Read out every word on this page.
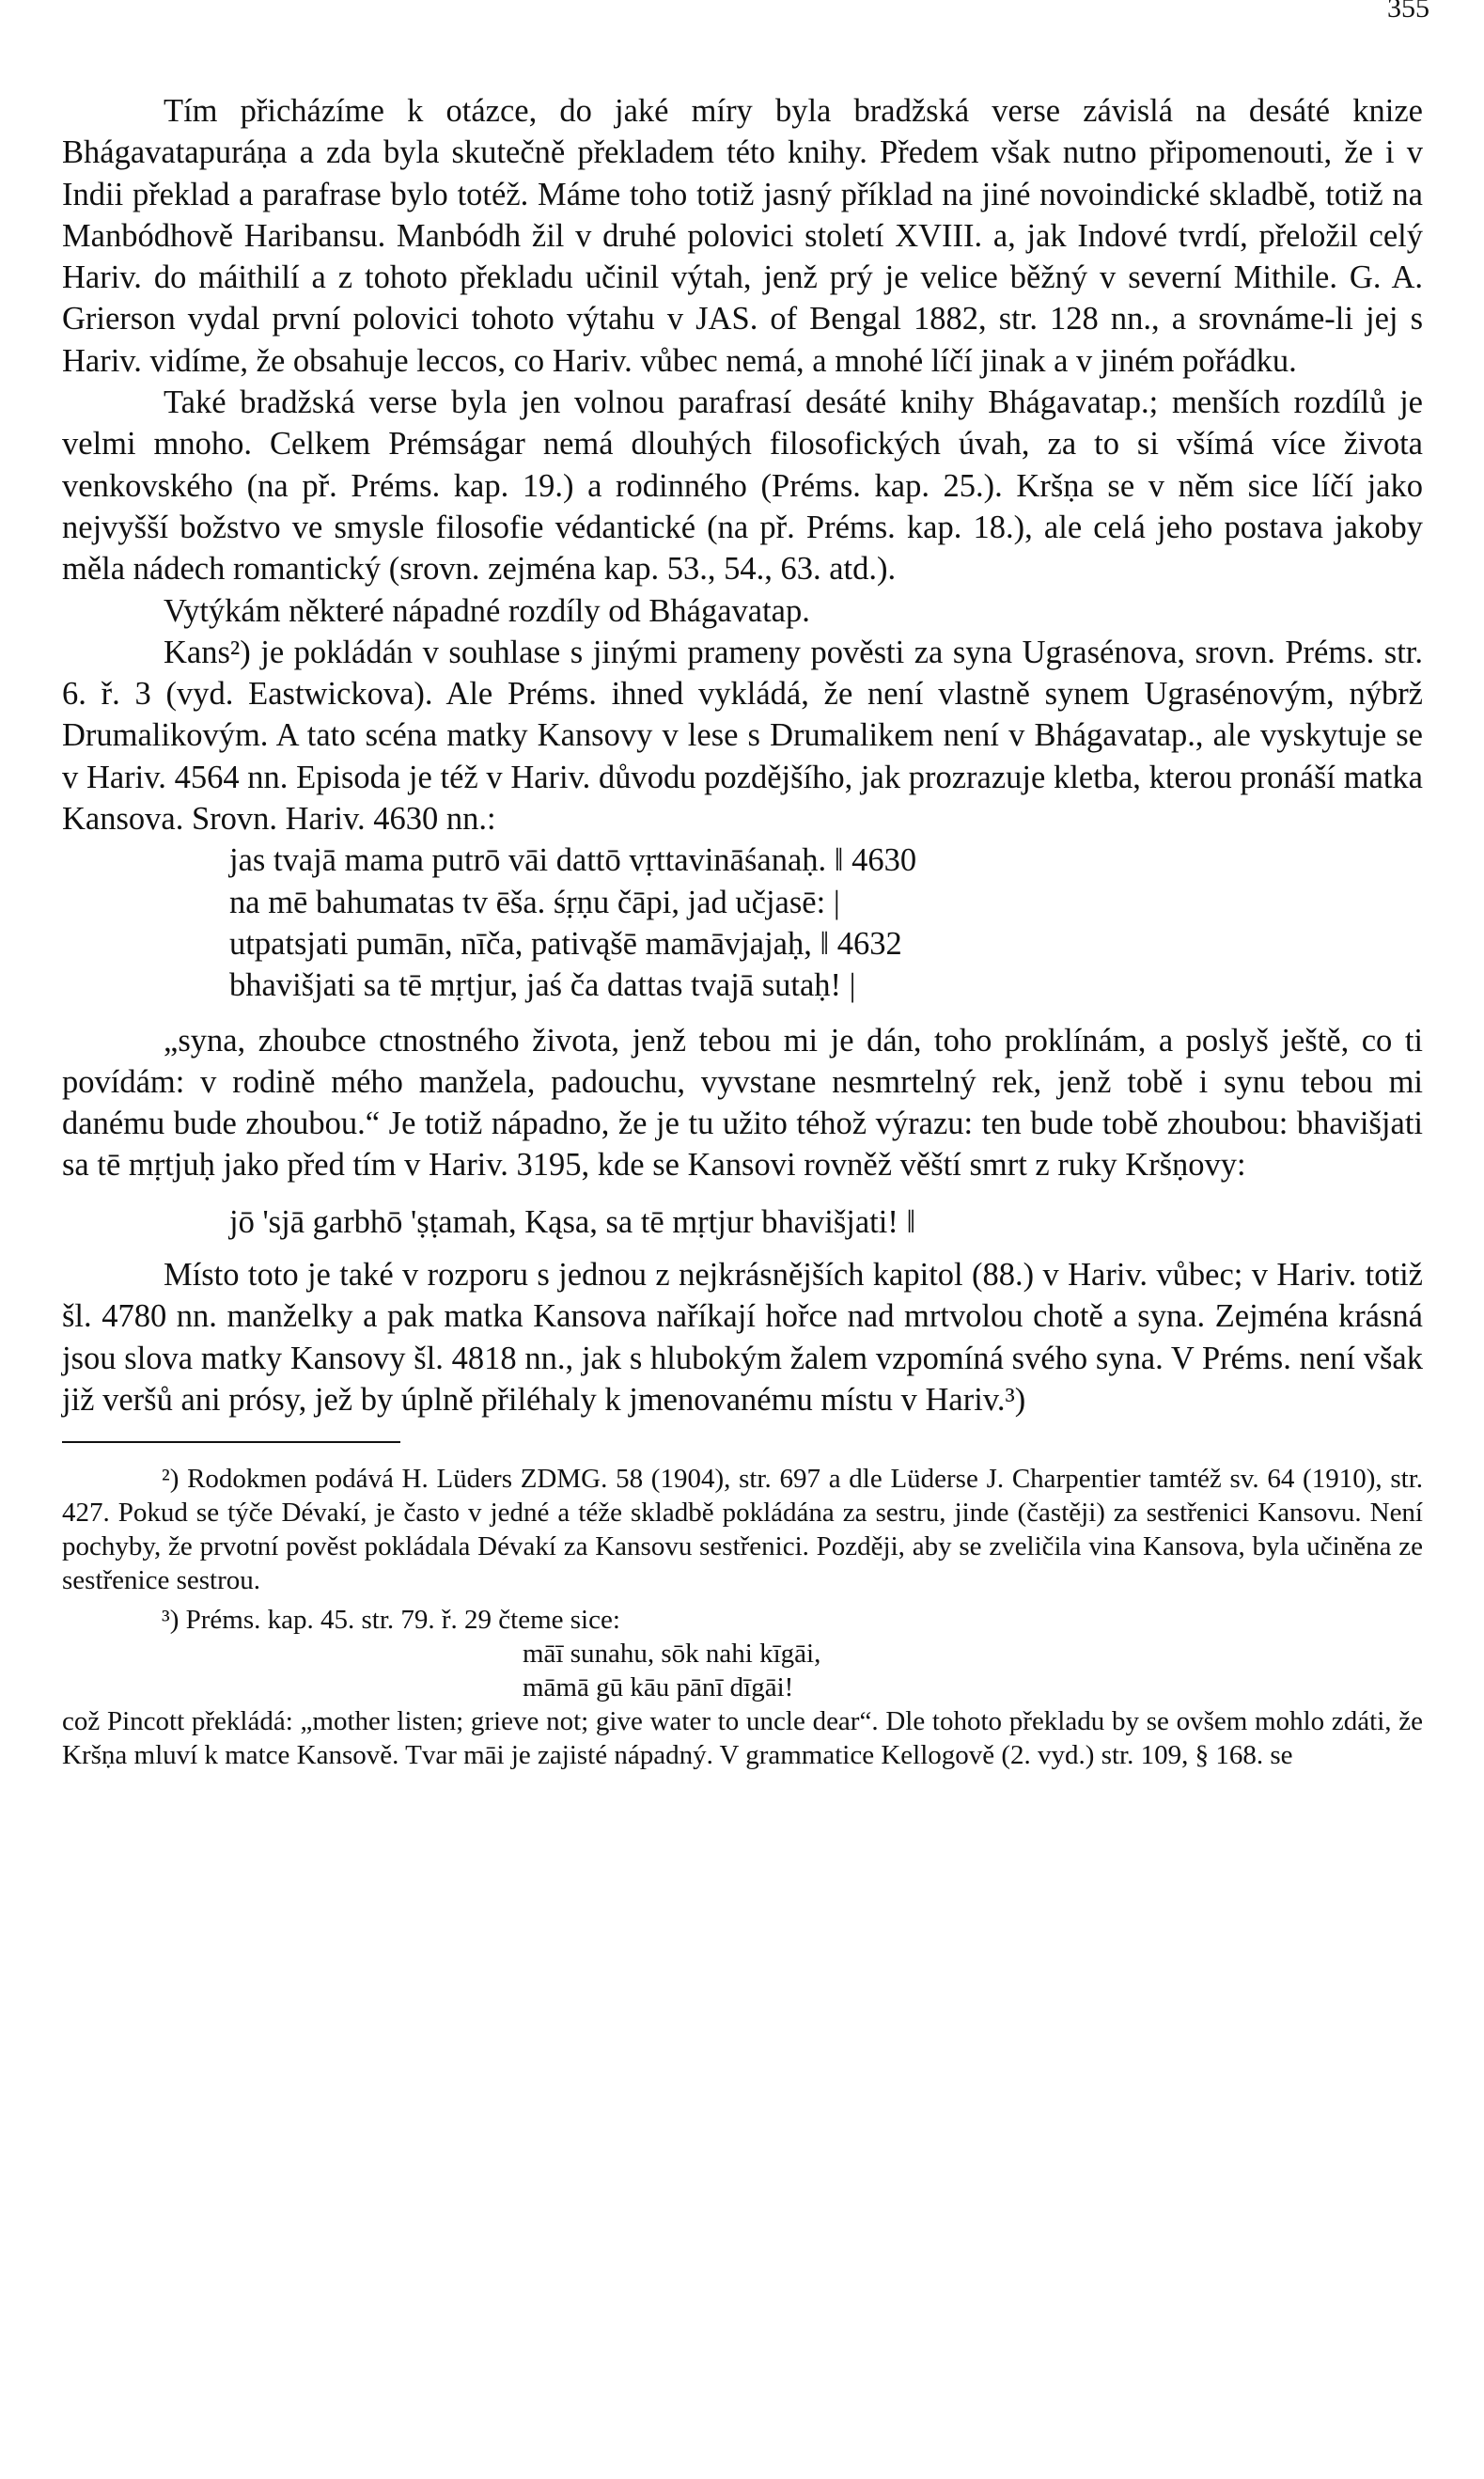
355

Tím přicházíme k otázce, do jaké míry byla bradžská verse závislá na desáté knize Bhágavatapuráṇa a zda byla skutečně překladem této knihy. Předem však nutno připomenouti, že i v Indii překlad a parafrase bylo totéž. Máme toho totiž jasný příklad na jiné novoindické skladbě, totiž na Manbódhově Haribansu. Manbódh žil v druhé polovici století XVIII. a, jak Indové tvrdí, přeložil celý Hariv. do máithilí a z tohoto překladu učinil výtah, jenž prý je velice běžný v severní Mithile. G. A. Grierson vydal první polovici tohoto výtahu v JAS. of Bengal 1882, str. 128 nn., a srovnáme-li jej s Hariv. vidíme, že obsahuje leccos, co Hariv. vůbec nemá, a mnohé líčí jinak a v jiném pořádku.

Také bradžská verse byla jen volnou parafrasí desáté knihy Bhágavatap.; menších rozdílů je velmi mnoho. Celkem Prémságar nemá dlouhých filosofických úvah, za to si všímá více života venkovského (na př. Préms. kap. 19.) a rodinného (Préms. kap. 25.). Kršṇa se v něm sice líčí jako nejvyšší božstvo ve smysle filosofie védantické (na př. Préms. kap. 18.), ale celá jeho postava jakoby měla nádech romantický (srovn. zejména kap. 53., 54., 63. atd.).

Vytýkám některé nápadné rozdíly od Bhágavatap.

Kans²) je pokládán v souhlase s jinými prameny pověsti za syna Ugrasénova, srovn. Préms. str. 6. ř. 3 (vyd. Eastwickova). Ale Préms. ihned vykládá, že není vlastně synem Ugrasénovým, nýbrž Drumalikovým. A tato scéna matky Kansovy v lese s Drumalikem není v Bhágavatap., ale vyskytuje se v Hariv. 4564 nn. Episoda je též v Hariv. důvodu pozdějšího, jak prozrazuje kletba, kterou pronáší matka Kansova. Srovn. Hariv. 4630 nn.:

jas tvajā mama putrō vāi dattō vṛttavināśanaḥ. ‖ 4630

na mē bahumatas tv ēša. śṛṇu čāpi, jad učjasē: |

utpatsjati pumān, nīča, pativąšē mamāvjajaḥ, ‖ 4632

bhavišjati sa tē mṛtjur, jaś ča dattas tvajā sutaḥ! |

„syna, zhoubce ctnostného života, jenž tebou mi je dán, toho proklínám, a poslyš ještě, co ti povídám: v rodině mého manžela, padouchu, vyvstane nesmrtelný rek, jenž tobě i synu tebou mi danému bude zhoubou.“ Je totiž nápadno, že je tu užito téhož výrazu: ten bude tobě zhoubou: bhavišjati sa tē mṛtjuḥ jako před tím v Hariv. 3195, kde se Kansovi rovněž věští smrt z ruky Kršṇovy:

jō 'sjā garbhō 'ṣṭamah, Kąsa, sa tē mṛtjur bhavišjati! ‖

Místo toto je také v rozporu s jednou z nejkrásnějších kapitol (88.) v Hariv. vůbec; v Hariv. totiž šl. 4780 nn. manželky a pak matka Kansova naříkají hořce nad mrtvolou chotě a syna. Zejména krásná jsou slova matky Kansovy šl. 4818 nn., jak s hlubokým žalem vzpomíná svého syna. V Préms. není však již veršů ani prósy, jež by úplně přiléhaly k jmenovanému místu v Hariv.³)

²) Rodokmen podává H. Lüders ZDMG. 58 (1904), str. 697 a dle Lüderse J. Charpentier tamtéž sv. 64 (1910), str. 427. Pokud se týče Dévakí, je často v jedné a téže skladbě pokládána za sestru, jinde (častěji) za sestřenici Kansovu. Není pochyby, že prvotní pověst pokládala Dévakí za Kansovu sestřenici. Později, aby se zveličila vina Kansova, byla učiněna ze sestřenice sestrou.

³) Préms. kap. 45. str. 79. ř. 29 čteme sice:

māī sunahu, sōk nahi kīgāi,

māmā gū kāu pānī dīgāi!

což Pincott překládá: „mother listen; grieve not; give water to uncle dear“. Dle tohoto překladu by se ovšem mohlo zdáti, že Kršṇa mluví k matce Kansově. Tvar māi je zajisté nápadný. V grammatice Kellogově (2. vyd.) str. 109, § 168. se
